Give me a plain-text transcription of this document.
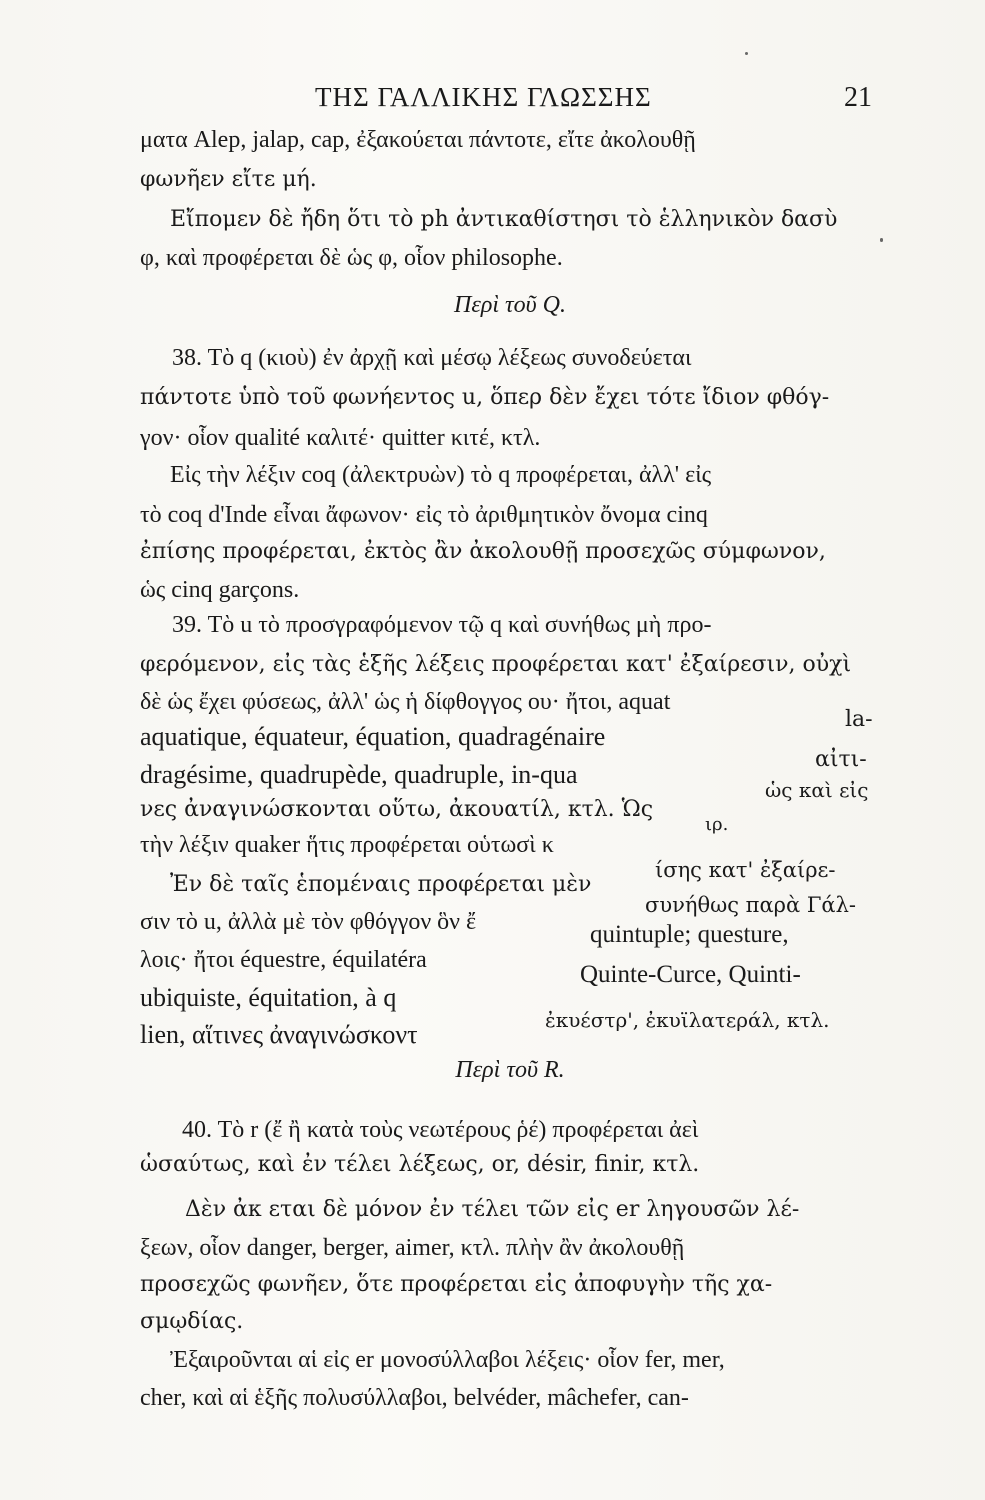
ΤΗΣ ΓΑΛΛΙΚΗΣ ΓΛΩΣΣΗΣ	21
ματα Alep, jalap, cap, ἐξακούεται πάντοτε, εἴτε ἀκολουθῇ
φωνῆεν εἴτε μή.
Εἴπομεν δὲ ἤδη ὅτι τὸ ph ἀντικαθίστησι τὸ ἑλληνικὸν δασὺ
φ, καὶ προφέρεται δὲ ὡς φ, οἷον philosophe.
Περὶ τοῦ Q.
38. Τὸ q (κιοὺ) ἐν ἀρχῇ καὶ μέσῳ λέξεως συνοδεύεται
πάντοτε ὑπὸ τοῦ φωνήεντος u, ὅπερ δὲν ἔχει τότε ἴδιον φθόγ-
γον· οἷον qualité καλιτέ· quitter κιτέ, κτλ.
Εἰς τὴν λέξιν coq (ἀλεκτρυὼν) τὸ q προφέρεται, ἀλλ' εἰς
τὸ coq d'Inde εἶναι ἄφωνον· εἰς τὸ ἀριθμητικὸν ὄνομα cinq
ἐπίσης προφέρεται, ἐκτὸς ἂν ἀκολουθῇ προσεχῶς σύμφωνον,
ὡς cinq garçons.
39. Τὸ u τὸ προσγραφόμενον τῷ q καὶ συνήθως μὴ προ-
φερόμενον, εἰς τὰς ἑξῆς λέξεις προφέρεται κατ' ἐξαίρεσιν, οὐχὶ
δὲ ὡς ἔχει φύσεως, ἀλλ' ὡς ἡ δίφθογγος ου· ἤτοι, aquat
aquatique, équateur, équation, quadragénaire
dragésime, quadrupède, quadruple, in-qua
νες ἀναγινώσκονται οὕτω, ἀκουατίλ, κτλ. Ὡς
τὴν λέξιν quaker ἥτις προφέρεται οὑτωσὶ κ
Ἐν δὲ ταῖς ἑπομέναις προφέρεται μὲν
σιν τὸ u, ἀλλὰ μὲ τὸν φθόγγον ὃν ἔ
λοις· ἤτοι équestre, équilatéra
ubiquiste, équitation, à q
lien, αἵτινες ἀναγινώσκοντ
la-
αἰτι-
ὡς καὶ εἰς
ιρ.
ίσης κατ' ἐξαίρε-
συνήθως παρὰ Γάλ-
quintuple; questure,
Quinte-Curce, Quinti-
ἐκυέστρ', ἐκυϊλατεράλ, κτλ.
Περὶ τοῦ R.
40. Τὸ r (ἔ ἢ κατὰ τοὺς νεωτέρους ῥέ) προφέρεται ἀεὶ
ὡσαύτως, καὶ ἐν τέλει λέξεως, or, désir, finir, κτλ.
Δὲν ἀκ εται δὲ μόνον ἐν τέλει τῶν εἰς er ληγουσῶν λέ-
ξεων, οἷον danger, berger, aimer, κτλ. πλὴν ἂν ἀκολουθῇ
προσεχῶς φωνῆεν, ὅτε προφέρεται εἰς ἀποφυγὴν τῆς χα-
σμῳδίας.
Ἐξαιροῦνται αἱ εἰς er μονοσύλλαβοι λέξεις· οἷον fer, mer,
cher, καὶ αἱ ἑξῆς πολυσύλλαβοι, belvéder, mâchefer, can-
